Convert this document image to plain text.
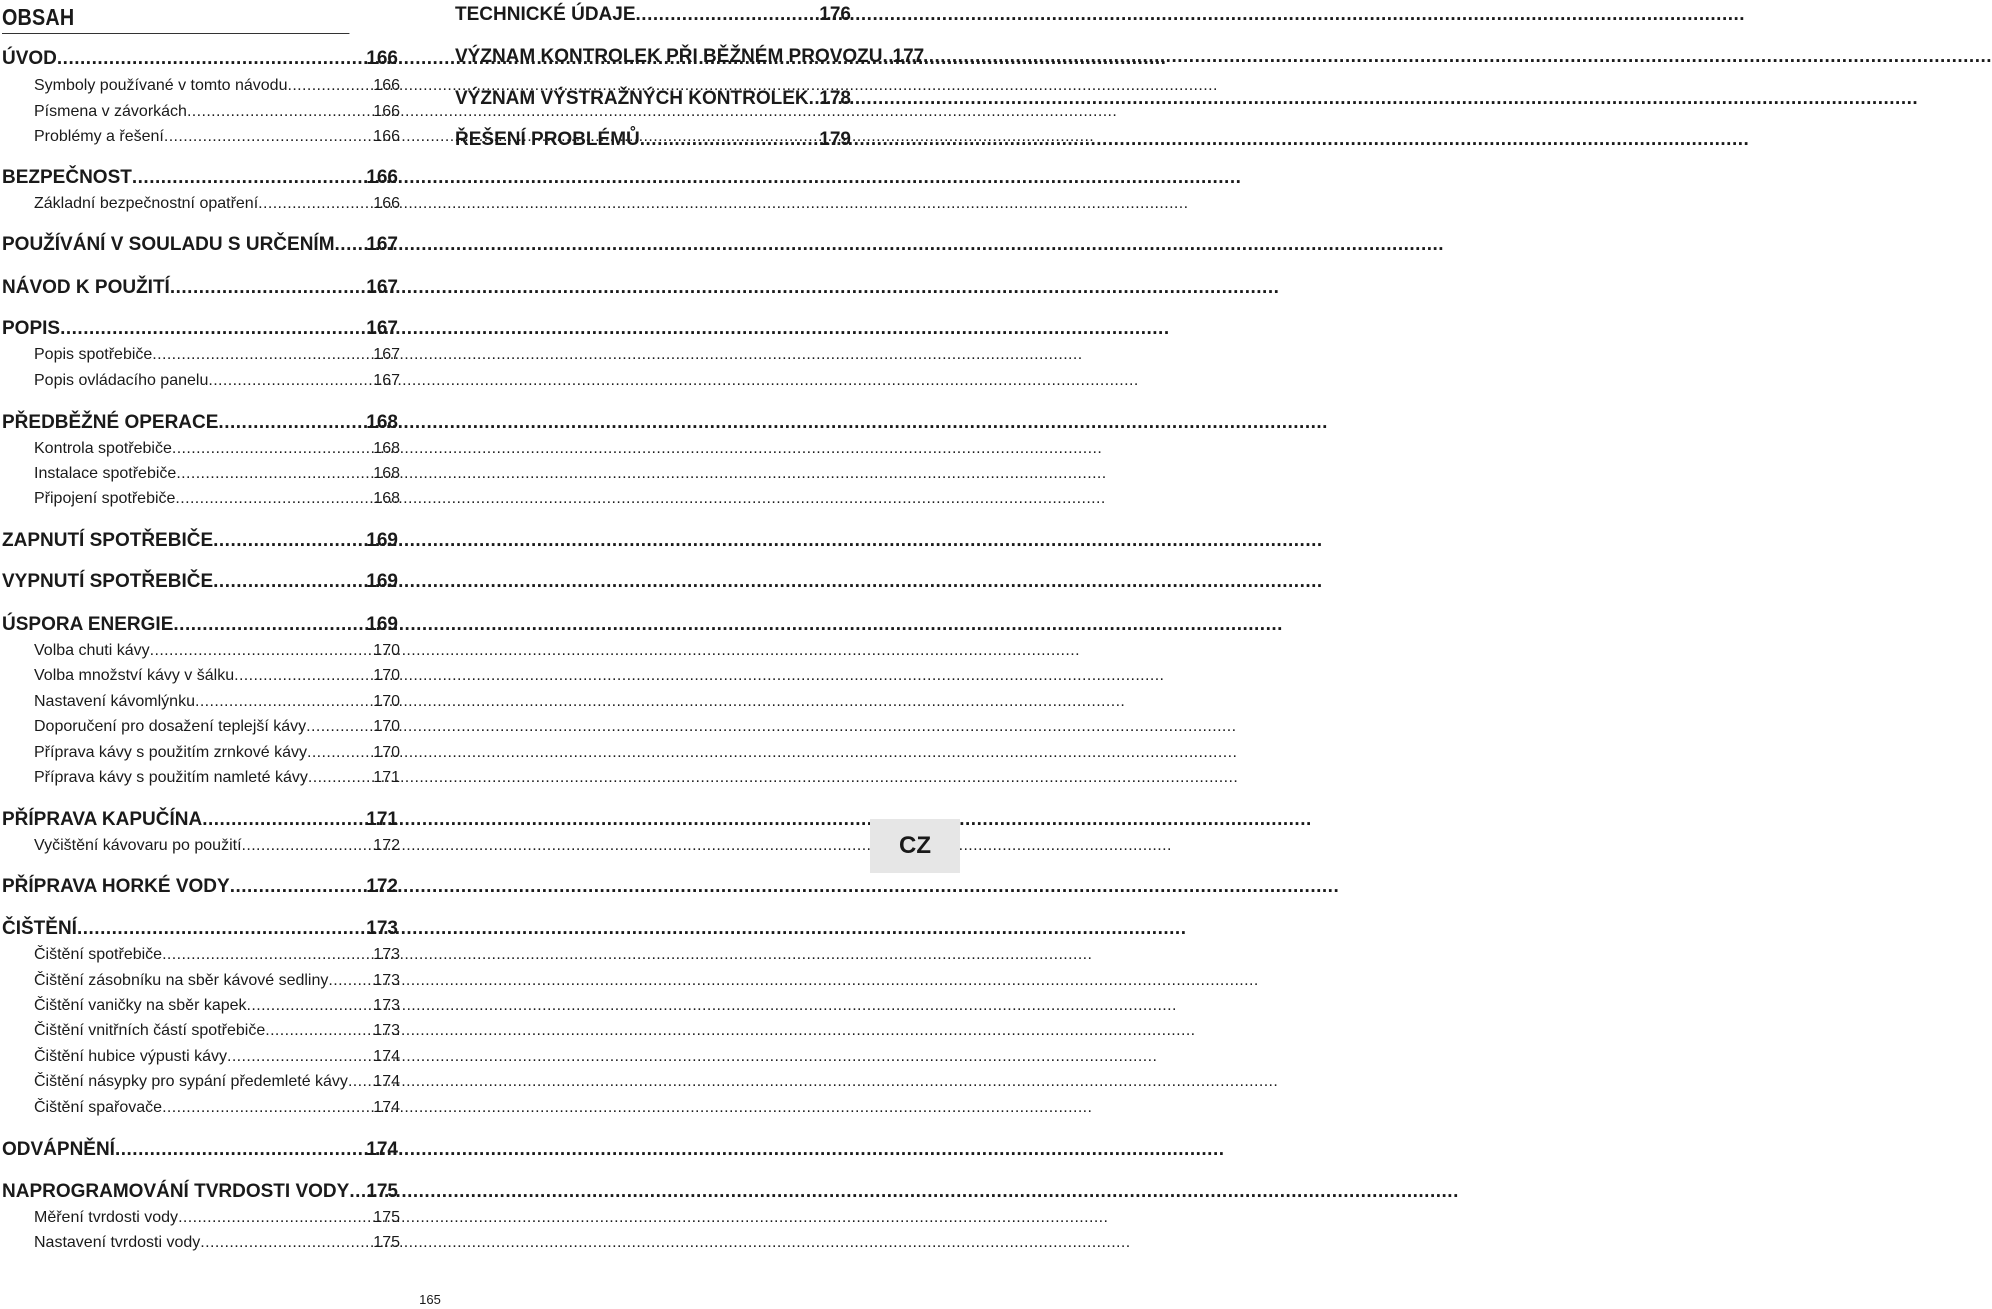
OBSAH
ÚVOD .....	166
Symboly používané v tomto návodu .....	166
Písmena v závorkách .....	166
Problémy a řešení .....	166
BEZPEČNOST .....	166
Základní bezpečnostní opatření .....	166
POUŽÍVÁNÍ V SOULADU S URČENÍM ..... 167
NÁVOD K POUŽITÍ .....	167
POPIS .....	167
Popis spotřebiče .....	167
Popis ovládacího panelu .....	167
PŘEDBĚŽNÉ OPERACE .....	168
Kontrola spotřebiče .....	168
Instalace spotřebiče .....	168
Připojení spotřebiče .....	168
ZAPNUTÍ SPOTŘEBIČE .....	169
VYPNUTÍ SPOTŘEBIČE .....	169
ÚSPORA ENERGIE .....	169
Volba chuti kávy .....	170
Volba množství kávy v šálku .....	170
Nastavení kávomlýnku .....	170
Doporučení pro dosažení teplejší kávy .....	170
Příprava kávy s použitím zrnkové kávy .....	170
Příprava kávy s použitím namleté kávy .....	171
PŘÍPRAVA KAPUČÍNA .....	171
Vyčištění kávovaru po použití .....	172
PŘÍPRAVA HORKÉ VODY .....	172
ČIŠTĚNÍ .....	173
Čištění spotřebiče .....	173
Čištění zásobníku na sběr kávové sedliny .....	173
Čištění vaničky na sběr kapek .....	173
Čištění vnitřních částí spotřebiče .....	173
Čištění hubice výpusti kávy .....	174
Čištění násypky pro sypání předemleté kávy ..... 174
Čištění spařovače .....	174
ODVÁPNĚNÍ .....	174
NAPROGRAMOVÁNÍ TVRDOSTI VODY ..... 175
Měření tvrdosti vody .....	175
Nastavení tvrdosti vody .....	175
TECHNICKÉ ÚDAJE .....	176
VÝZNAM KONTROLEK PŘI BĚŽNÉM PROVOZU ..... 177
VÝZNAM VÝSTRAŽNÝCH KONTROLEK ..... 178
ŘEŠENÍ PROBLÉMŮ .....	179
CZ
165
